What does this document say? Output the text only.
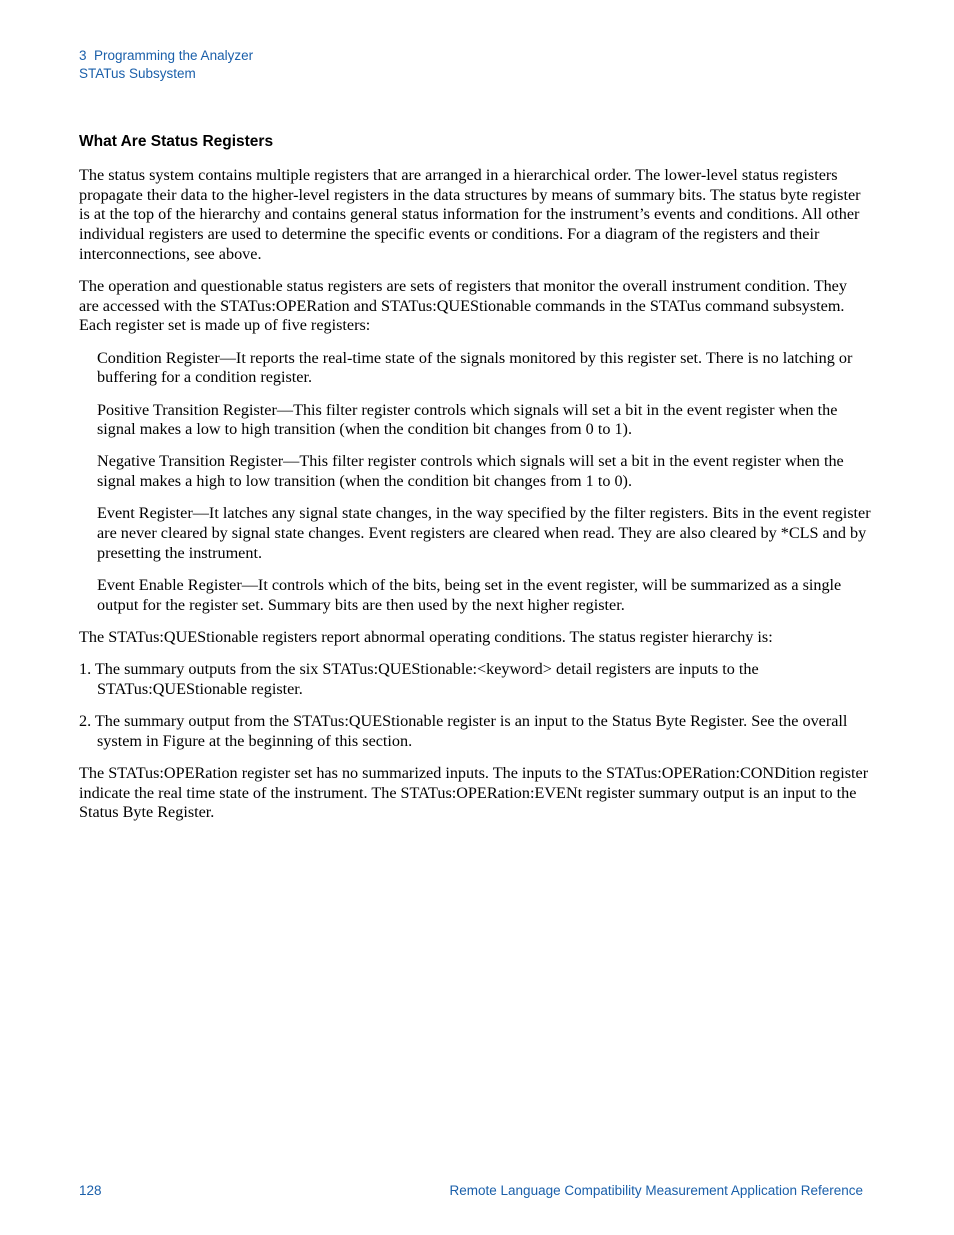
3  Programming the Analyzer
STATus Subsystem
What Are Status Registers

The status system contains multiple registers that are arranged in a hierarchical order. The lower-level status registers propagate their data to the higher-level registers in the data structures by means of summary bits. The status byte register is at the top of the hierarchy and contains general status information for the instrument’s events and conditions. All other individual registers are used to determine the specific events or conditions. For a diagram of the registers and their interconnections, see above.

The operation and questionable status registers are sets of registers that monitor the overall instrument condition. They are accessed with the STATus:OPERation and STATus:QUEStionable commands in the STATus command subsystem. Each register set is made up of five registers:

Condition Register—It reports the real-time state of the signals monitored by this register set. There is no latching or buffering for a condition register.

Positive Transition Register—This filter register controls which signals will set a bit in the event register when the signal makes a low to high transition (when the condition bit changes from 0 to 1).

Negative Transition Register—This filter register controls which signals will set a bit in the event register when the signal makes a high to low transition (when the condition bit changes from 1 to 0).

Event Register—It latches any signal state changes, in the way specified by the filter registers. Bits in the event register are never cleared by signal state changes. Event registers are cleared when read. They are also cleared by *CLS and by presetting the instrument.

Event Enable Register—It controls which of the bits, being set in the event register, will be summarized as a single output for the register set. Summary bits are then used by the next higher register.

The STATus:QUEStionable registers report abnormal operating conditions. The status register hierarchy is:

1. The summary outputs from the six STATus:QUEStionable:<keyword> detail registers are inputs to the STATus:QUEStionable register.

2. The summary output from the STATus:QUEStionable register is an input to the Status Byte Register. See the overall system in Figure at the beginning of this section.

The STATus:OPERation register set has no summarized inputs. The inputs to the STATus:OPERation:CONDition register indicate the real time state of the instrument. The STATus:OPERation:EVENt register summary output is an input to the Status Byte Register.

128	Remote Language Compatibility Measurement Application Reference
